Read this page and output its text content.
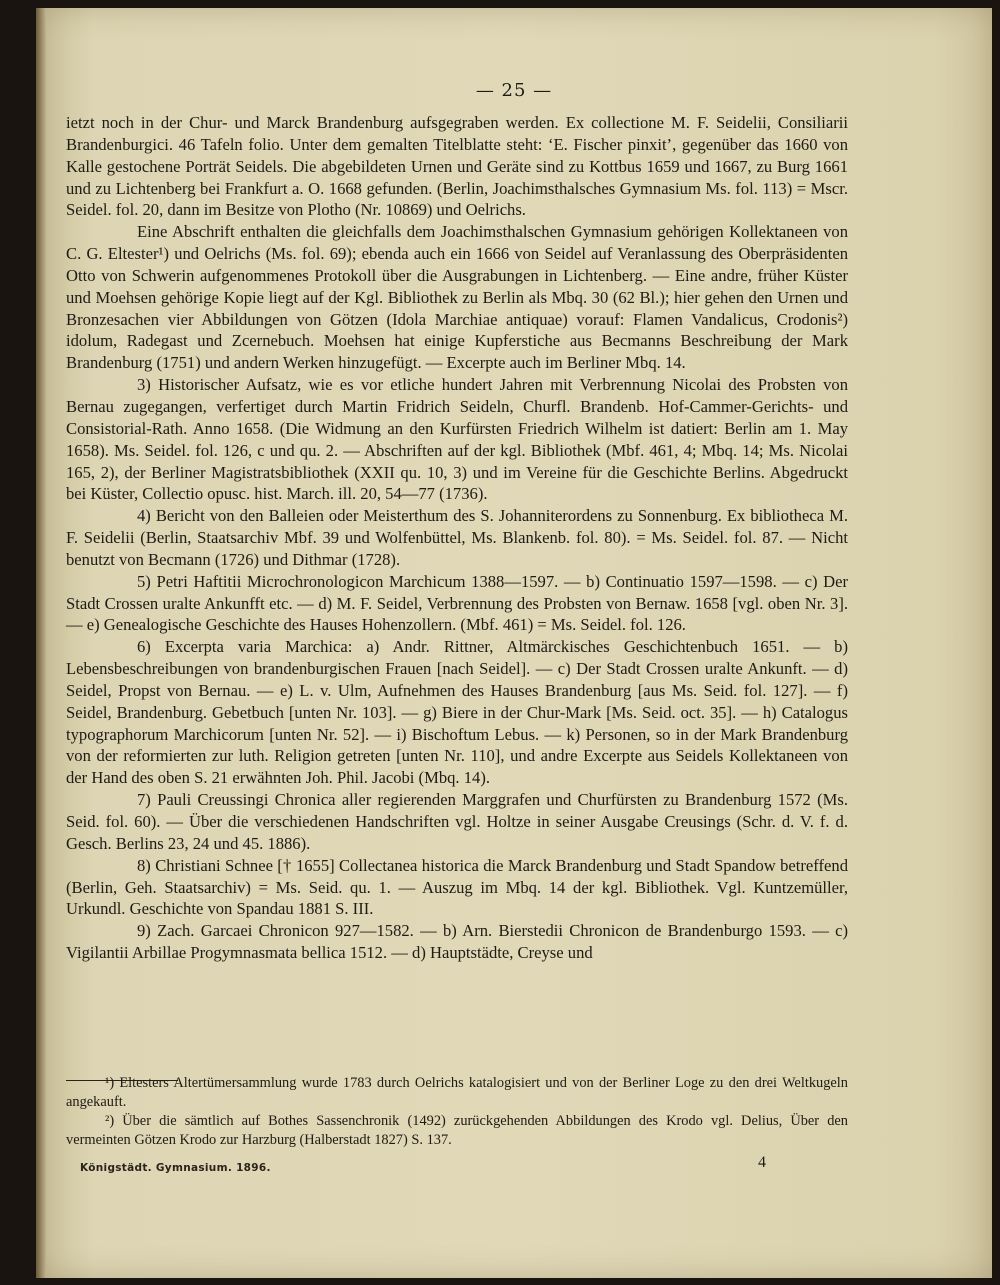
— 25 —

ietzt noch in der Chur- und Marck Brandenburg aufsgegraben werden. Ex collectione M. F. Seidelii, Consiliarii Brandenburgici. 46 Tafeln folio. Unter dem gemalten Titelblatte steht: ‘E. Fischer pinxit’, gegenüber das 1660 von Kalle gestochene Porträt Seidels. Die abgebildeten Urnen und Geräte sind zu Kottbus 1659 und 1667, zu Burg 1661 und zu Lichtenberg bei Frankfurt a. O. 1668 gefunden. (Berlin, Joachimsthalsches Gymnasium Ms. fol. 113) = Mscr. Seidel. fol. 20, dann im Besitze von Plotho (Nr. 10869) und Oelrichs.

Eine Abschrift enthalten die gleichfalls dem Joachimsthalschen Gymnasium gehörigen Kollektaneen von C. G. Eltester¹) und Oelrichs (Ms. fol. 69); ebenda auch ein 1666 von Seidel auf Veranlassung des Oberpräsidenten Otto von Schwerin aufgenommenes Protokoll über die Ausgrabungen in Lichtenberg. — Eine andre, früher Küster und Moehsen gehörige Kopie liegt auf der Kgl. Bibliothek zu Berlin als Mbq. 30 (62 Bl.); hier gehen den Urnen und Bronzesachen vier Abbildungen von Götzen (Idola Marchiae antiquae) vorauf: Flamen Vandalicus, Crodonis²) idolum, Radegast und Zcernebuch. Moehsen hat einige Kupferstiche aus Becmanns Beschreibung der Mark Brandenburg (1751) und andern Werken hinzugefügt. — Excerpte auch im Berliner Mbq. 14.

3) Historischer Aufsatz, wie es vor etliche hundert Jahren mit Verbrennung Nicolai des Probsten von Bernau zugegangen, verfertiget durch Martin Fridrich Seideln, Churfl. Brandenb. Hof-Cammer-Gerichts- und Consistorial-Rath. Anno 1658. (Die Widmung an den Kurfürsten Friedrich Wilhelm ist datiert: Berlin am 1. May 1658). Ms. Seidel. fol. 126, c und qu. 2. — Abschriften auf der kgl. Bibliothek (Mbf. 461, 4; Mbq. 14; Ms. Nicolai 165, 2), der Berliner Magistratsbibliothek (XXII qu. 10, 3) und im Vereine für die Geschichte Berlins. Abgedruckt bei Küster, Collectio opusc. hist. March. ill. 20, 54—77 (1736).

4) Bericht von den Balleien oder Meisterthum des S. Johanniterordens zu Sonnenburg. Ex bibliotheca M. F. Seidelii (Berlin, Staatsarchiv Mbf. 39 und Wolfenbüttel, Ms. Blankenb. fol. 80). = Ms. Seidel. fol. 87. — Nicht benutzt von Becmann (1726) und Dithmar (1728).

5) Petri Haftitii Microchronologicon Marchicum 1388—1597. — b) Continuatio 1597—1598. — c) Der Stadt Crossen uralte Ankunfft etc. — d) M. F. Seidel, Verbrennung des Probsten von Bernaw. 1658 [vgl. oben Nr. 3]. — e) Genealogische Geschichte des Hauses Hohenzollern. (Mbf. 461) = Ms. Seidel. fol. 126.

6) Excerpta varia Marchica: a) Andr. Rittner, Altmärckisches Geschichtenbuch 1651. — b) Lebensbeschreibungen von brandenburgischen Frauen [nach Seidel]. — c) Der Stadt Crossen uralte Ankunft. — d) Seidel, Propst von Bernau. — e) L. v. Ulm, Aufnehmen des Hauses Brandenburg [aus Ms. Seid. fol. 127]. — f) Seidel, Brandenburg. Gebetbuch [unten Nr. 103]. — g) Biere in der Chur-Mark [Ms. Seid. oct. 35]. — h) Catalogus typographorum Marchicorum [unten Nr. 52]. — i) Bischoftum Lebus. — k) Personen, so in der Mark Brandenburg von der reformierten zur luth. Religion getreten [unten Nr. 110], und andre Excerpte aus Seidels Kollektaneen von der Hand des oben S. 21 erwähnten Joh. Phil. Jacobi (Mbq. 14).

7) Pauli Creussingi Chronica aller regierenden Marggrafen und Churfürsten zu Brandenburg 1572 (Ms. Seid. fol. 60). — Über die verschiedenen Handschriften vgl. Holtze in seiner Ausgabe Creusings (Schr. d. V. f. d. Gesch. Berlins 23, 24 und 45. 1886).

8) Christiani Schnee [† 1655] Collectanea historica die Marck Brandenburg und Stadt Spandow betreffend (Berlin, Geh. Staatsarchiv) = Ms. Seid. qu. 1. — Auszug im Mbq. 14 der kgl. Bibliothek. Vgl. Kuntzemüller, Urkundl. Geschichte von Spandau 1881 S. III.

9) Zach. Garcaei Chronicon 927—1582. — b) Arn. Bierstedii Chronicon de Brandenburgo 1593. — c) Vigilantii Arbillae Progymnasmata bellica 1512. — d) Hauptstädte, Creyse und

¹) Eltesters Altertümersammlung wurde 1783 durch Oelrichs katalogisiert und von der Berliner Loge zu den drei Weltkugeln angekauft.

²) Über die sämtlich auf Bothes Sassenchronik (1492) zurückgehenden Abbildungen des Krodo vgl. Delius, Über den vermeinten Götzen Krodo zur Harzburg (Halberstadt 1827) S. 137.

Königstädt. Gymnasium. 1896.	4
